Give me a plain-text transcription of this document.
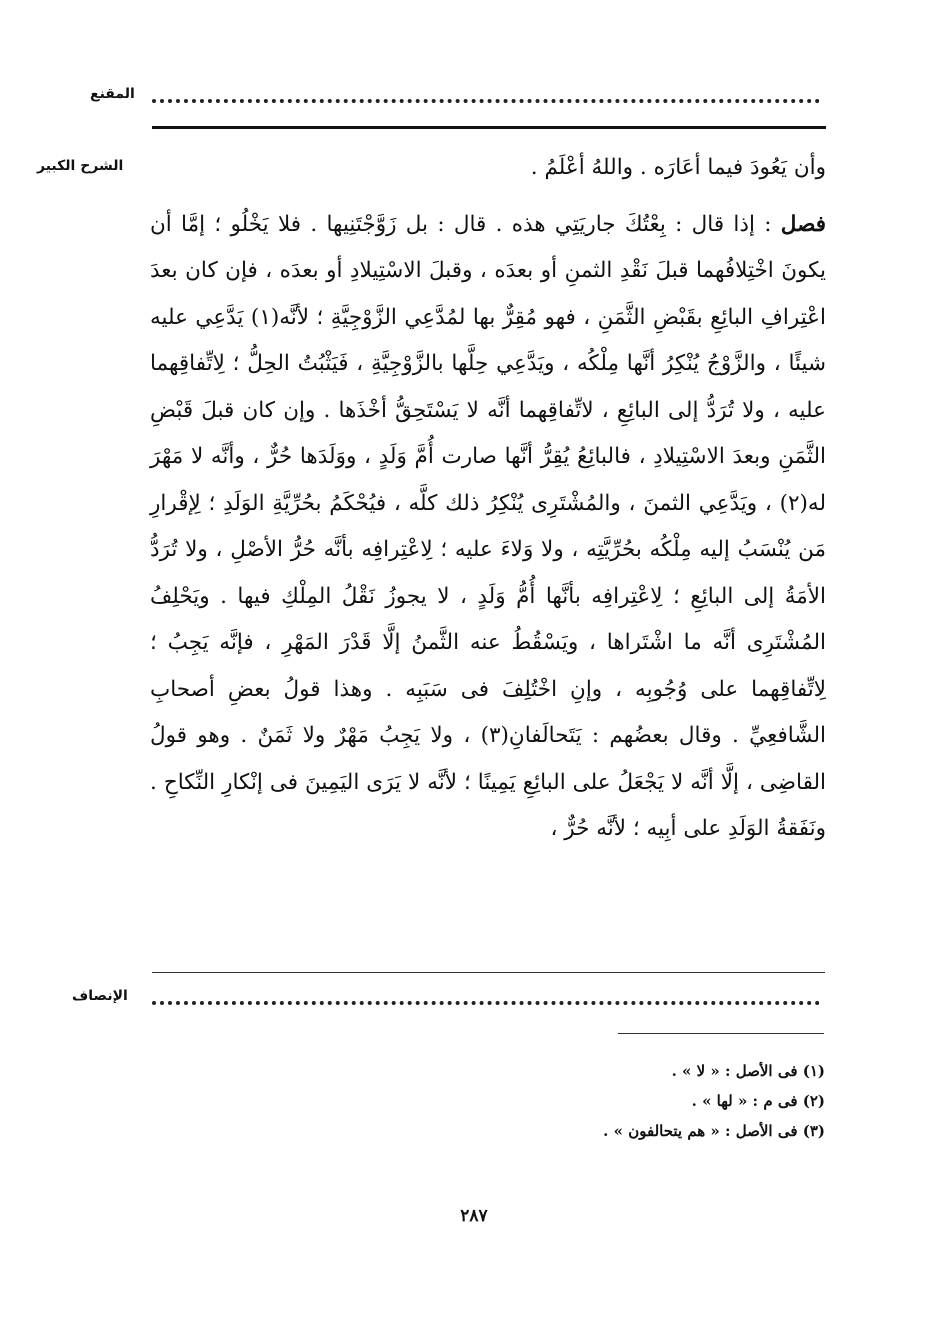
المقنع
الشرح الكبير	وأن يَعُودَ فيما أعَارَه . واللهُ أعْلَمُ .

فصل : إذا قال : بِعْتُكَ جاريَتِي هذه . قال : بل زَوَّجْتَنِيها . فلا يَخْلُو ؛ إمَّا أن يكونَ اخْتِلافُهما قبلَ نَقْدِ الثمنِ أو بعدَه ، وقبلَ الاسْتِيلادِ أو بعدَه ، فإن كان بعدَ اعْتِرافِ البائِعِ بقَبْضِ الثَّمَنِ ، فهو مُقِرٌّ بها لمُدَّعِي الزَّوْجِيَّةِ ؛ لأنَّه(١) يَدَّعِي عليه شيئًا ، والزَّوْجُ يُنْكِرُ أنَّها مِلْكُه ، ويَدَّعِي حِلَّها بالزَّوْجِيَّةِ ، فَيَثْبُتُ الحِلُّ ؛ لِاتِّفاقِهما عليه ، ولا تُرَدُّ إلى البائِعِ ، لاتِّفاقِهما أنَّه لا يَسْتَحِقُّ أخْذَها . وإن كان قبلَ قَبْضِ الثَّمَنِ وبعدَ الاسْتِيلادِ ، فالبائِعُ يُقِرُّ أنَّها صارت أُمَّ وَلَدٍ ، ووَلَدَها حُرٌّ ، وأنَّه لا مَهْرَ له(٢) ، ويَدَّعِي الثمنَ ، والمُشْتَرِى يُنْكِرُ ذلك كلَّه ، فيُحْكَمُ بحُرِّيَّةِ الوَلَدِ ؛ لِإقْرارِ مَن يُنْسَبُ إليه مِلْكُه بحُرِّيَّتِه ، ولا وَلاءَ عليه ؛ لِاعْتِرافِه بأنَّه حُرُّ الأصْلِ ، ولا تُرَدُّ الأمَةُ إلى البائِعِ ؛ لِاعْتِرافِه بأنَّها أُمُّ وَلَدٍ ، لا يجوزُ نَقْلُ المِلْكِ فيها . ويَحْلِفُ المُشْتَرِى أنَّه ما اشْتَراها ، ويَسْقُطُ عنه الثَّمنُ إلَّا قَدْرَ المَهْرِ ، فإنَّه يَجِبُ ؛ لِاتِّفاقِهما على وُجُوبِه ، وإنِ اخْتُلِفَ فى سَبَبِه . وهذا قولُ بعضِ أصحابِ الشَّافعِيِّ . وقال بعضُهم : يَتَحالَفانِ(٣) ، ولا يَجِبُ مَهْرٌ ولا ثَمَنٌ . وهو قولُ القاضِى ، إلَّا أنَّه لا يَجْعَلُ على البائِعِ يَمِينًا ؛ لأنَّه لا يَرَى اليَمِينَ فى إنْكارِ النِّكاحِ . ونَفَقةُ الوَلَدِ على أبِيه ؛ لأنَّه حُرٌّ ،

الإنصاف
(١) فى الأصل : « لا » .
(٢) فى م : « لها » .
(٣) فى الأصل : « هم يتحالفون » .
٢٨٧
